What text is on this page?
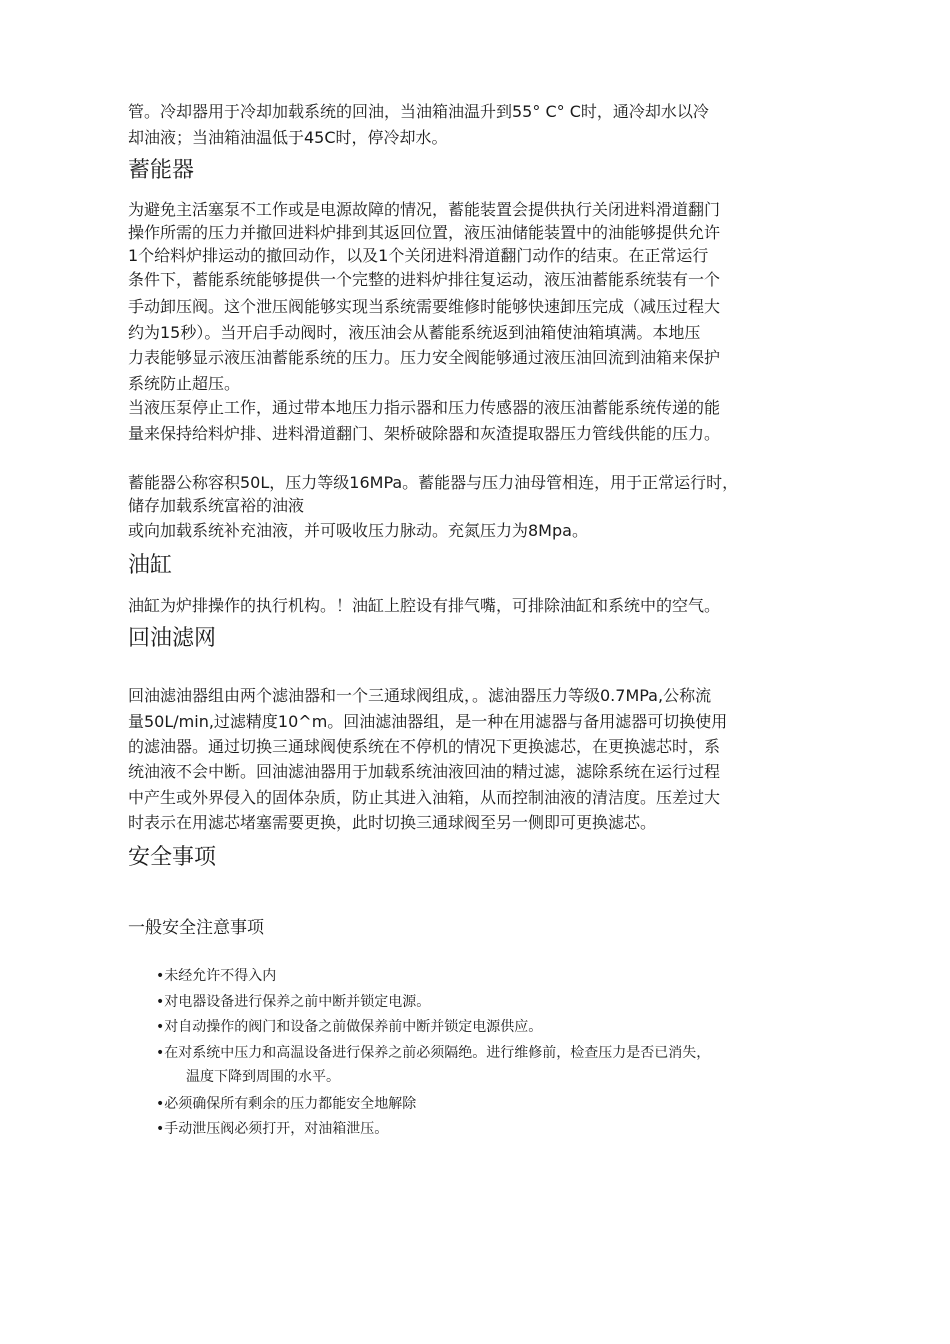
管。冷却器用于冷却加载系统的回油，当油箱油温升到55° C° C时，通冷却水以冷
却油液；当油箱油温低于45C时，停冷却水。
蓄能器
为避免主活塞泵不工作或是电源故障的情况，蓄能装置会提供执行关闭进料滑道翻门
操作所需的压力并撤回进料炉排到其返回位置，液压油储能装置中的油能够提供允许
1个给料炉排运动的撤回动作，以及1个关闭进料滑道翻门动作的结束。在正常运行
条件下，蓄能系统能够提供一个完整的进料炉排往复运动，液压油蓄能系统装有一个
手动卸压阀。这个泄压阀能够实现当系统需要维修时能够快速卸压完成（减压过程大
约为15秒）。当开启手动阀时，液压油会从蓄能系统返到油箱使油箱填满。本地压
力表能够显示液压油蓄能系统的压力。压力安全阀能够通过液压油回流到油箱来保护
系统防止超压。
当液压泵停止工作，通过带本地压力指示器和压力传感器的液压油蓄能系统传递的能
量来保持给料炉排、进料滑道翻门、架桥破除器和灰渣提取器压力管线供能的压力。
蓄能器公称容积50L，压力等级16MPa。蓄能器与压力油母管相连，用于正常运行时，
储存加载系统富裕的油液
或向加载系统补充油液，并可吸收压力脉动。充氮压力为8Mpa。
油缸
油缸为炉排操作的执行机构。！油缸上腔设有排气嘴，可排除油缸和系统中的空气。
回油滤网
回油滤油器组由两个滤油器和一个三通球阀组成，。滤油器压力等级0.7MPa,公称流
量50L/min,过滤精度10^m。回油滤油器组，是一种在用滤器与备用滤器可切换使用
的滤油器。通过切换三通球阀使系统在不停机的情况下更换滤芯，在更换滤芯时，系
统油液不会中断。回油滤油器用于加载系统油液回油的精过滤，滤除系统在运行过程
中产生或外界侵入的固体杂质，防止其进入油箱，从而控制油液的清洁度。压差过大
时表示在用滤芯堵塞需要更换，此时切换三通球阀至另一侧即可更换滤芯。
安全事项
一般安全注意事项
•未经允许不得入内
•对电器设备进行保养之前中断并锁定电源。
•对自动操作的阀门和设备之前做保养前中断并锁定电源供应。
•在对系统中压力和高温设备进行保养之前必须隔绝。进行维修前，检查压力是否已消失，
温度下降到周围的水平。
•必须确保所有剩余的压力都能安全地解除
•手动泄压阀必须打开，对油箱泄压。
